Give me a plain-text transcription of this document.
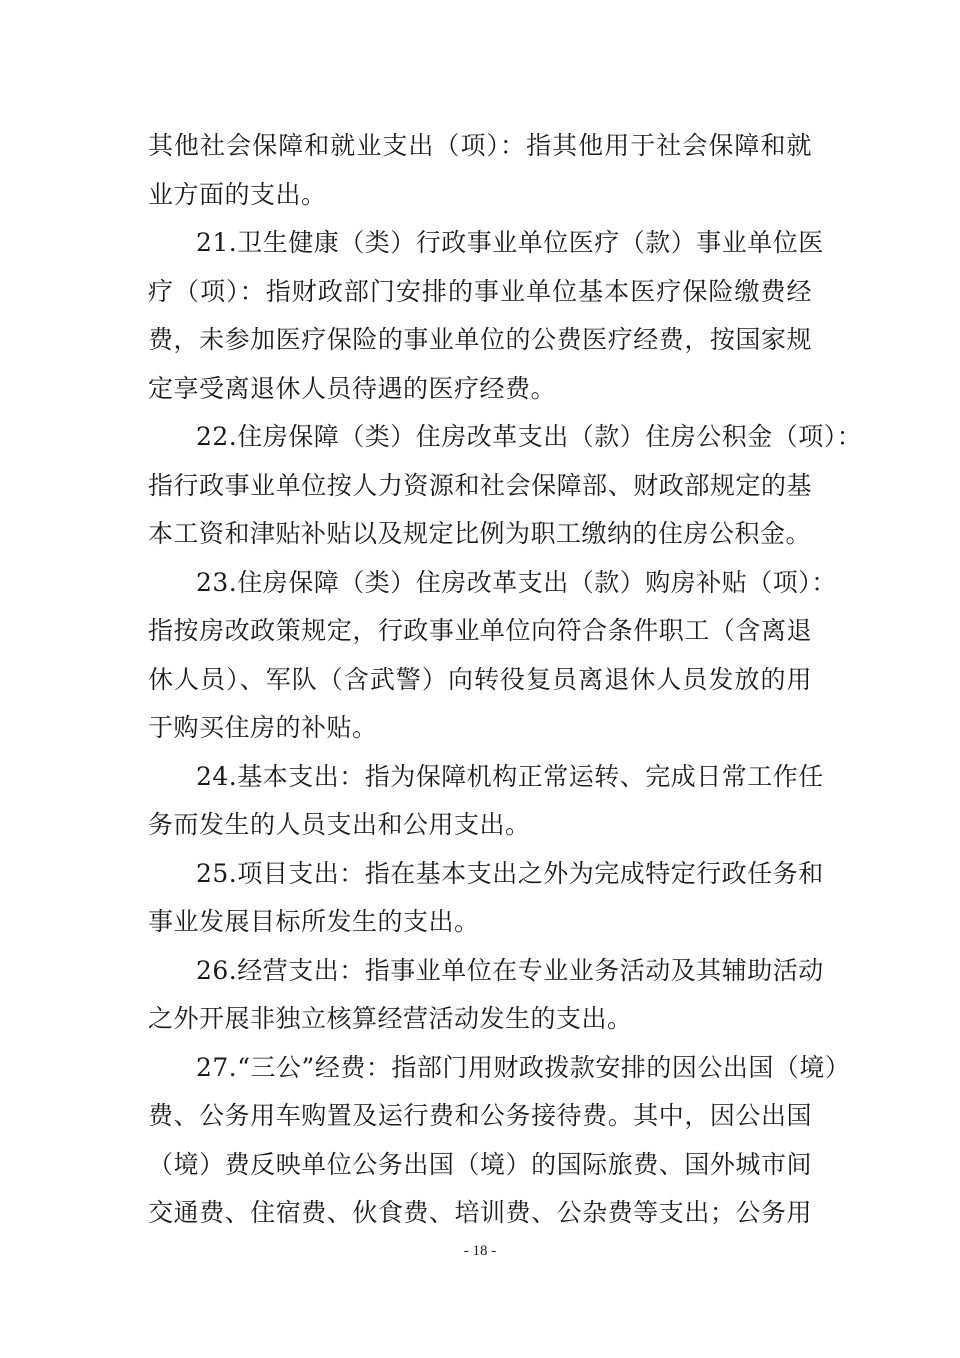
其他社会保障和就业支出（项）：指其他用于社会保障和就
业方面的支出。
21.卫生健康（类）行政事业单位医疗（款）事业单位医
疗（项）：指财政部门安排的事业单位基本医疗保险缴费经
费，未参加医疗保险的事业单位的公费医疗经费，按国家规
定享受离退休人员待遇的医疗经费。
22.住房保障（类）住房改革支出（款）住房公积金（项）：
指行政事业单位按人力资源和社会保障部、财政部规定的基
本工资和津贴补贴以及规定比例为职工缴纳的住房公积金。
23.住房保障（类）住房改革支出（款）购房补贴（项）：
指按房改政策规定，行政事业单位向符合条件职工（含离退
休人员）、军队（含武警）向转役复员离退休人员发放的用
于购买住房的补贴。
24.基本支出：指为保障机构正常运转、完成日常工作任
务而发生的人员支出和公用支出。
25.项目支出：指在基本支出之外为完成特定行政任务和
事业发展目标所发生的支出。
26.经营支出：指事业单位在专业业务活动及其辅助活动
之外开展非独立核算经营活动发生的支出。
27.“三公”经费：指部门用财政拨款安排的因公出国（境）
费、公务用车购置及运行费和公务接待费。其中，因公出国
（境）费反映单位公务出国（境）的国际旅费、国外城市间
交通费、住宿费、伙食费、培训费、公杂费等支出；公务用
- 18 -
